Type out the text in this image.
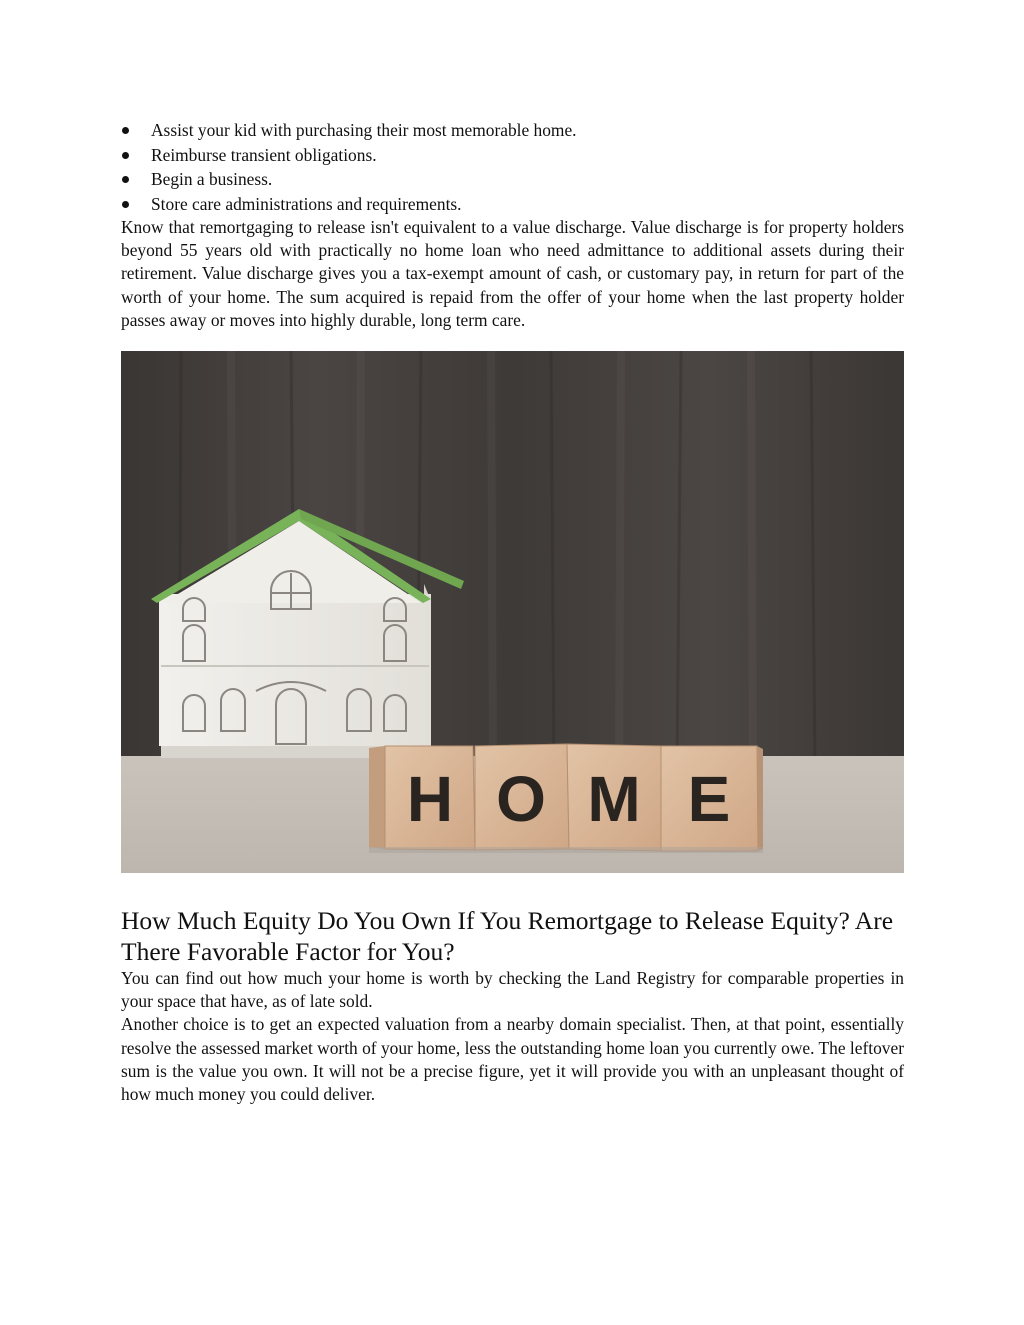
Assist your kid with purchasing their most memorable home.
Reimburse transient obligations.
Begin a business.
Store care administrations and requirements.

Know that remortgaging to release isn't equivalent to a value discharge. Value discharge is for property holders beyond 55 years old with practically no home loan who need admittance to additional assets during their retirement. Value discharge gives you a tax-exempt amount of cash, or customary pay, in return for part of the worth of your home. The sum acquired is repaid from the offer of your home when the last property holder passes away or moves into highly durable, long term care.

H O M E
How Much Equity Do You Own If You Remortgage to Release Equity? Are There Favorable Factor for You?

You can find out how much your home is worth by checking the Land Registry for comparable properties in your space that have, as of late sold.

Another choice is to get an expected valuation from a nearby domain specialist. Then, at that point, essentially resolve the assessed market worth of your home, less the outstanding home loan you currently owe. The leftover sum is the value you own. It will not be a precise figure, yet it will provide you with an unpleasant thought of how much money you could deliver.
